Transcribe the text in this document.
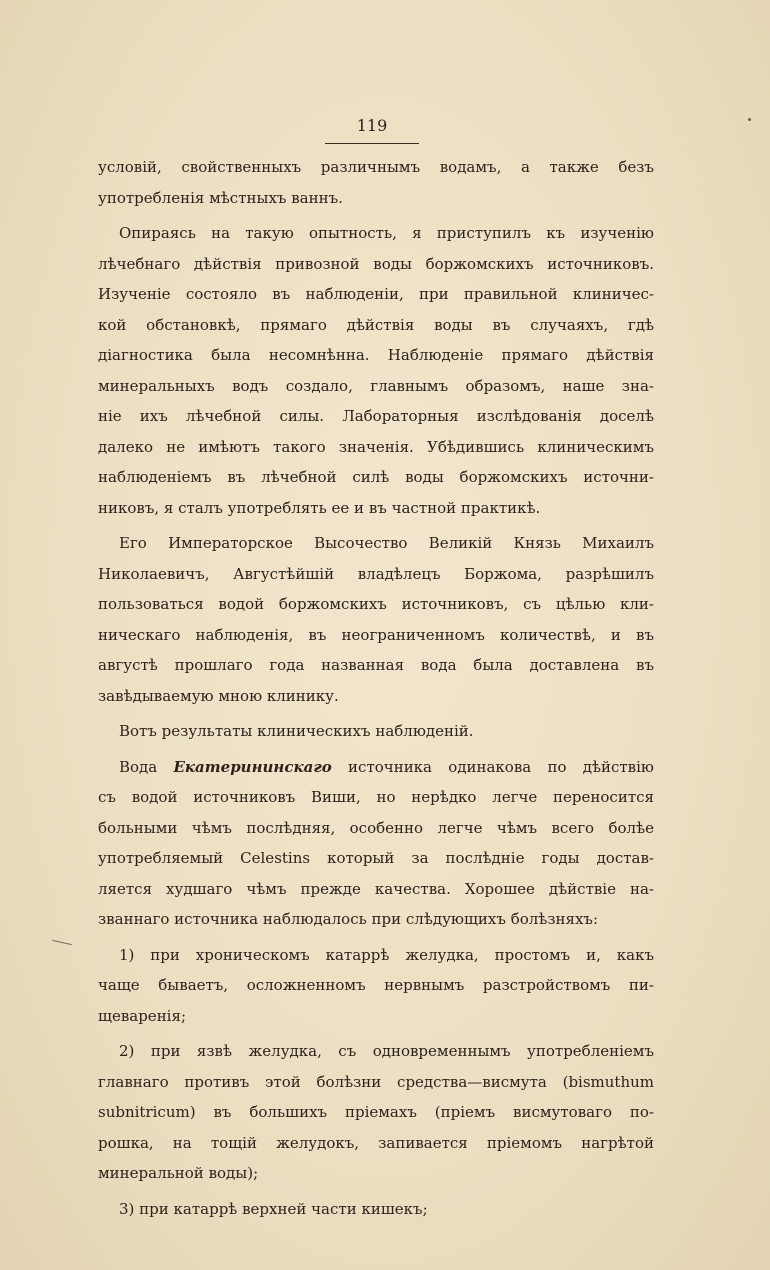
119
условій, свойственныхъ различнымъ водамъ, а также безъ
употребленія мѣстныхъ ваннъ.
Опираясь на такую опытность, я приступилъ къ изученію
лѣчебнаго дѣйствія привозной воды боржомскихъ источниковъ.
Изученіе состояло въ наблюденіи, при правильной клиничес-
кой обстановкѣ, прямаго дѣйствія воды въ случаяхъ, гдѣ
діагностика была несомнѣнна. Наблюденіе прямаго дѣйствія
минеральныхъ водъ создало, главнымъ образомъ, наше зна-
ніе ихъ лѣчебной силы. Лабораторныя изслѣдованія доселѣ
далеко не имѣютъ такого значенія. Убѣдившись клиническимъ
наблюденіемъ въ лѣчебной силѣ воды боржомскихъ источни-
никовъ, я сталъ употреблять ее и въ частной практикѣ.
Его Императорское Высочество Великій Князь Михаилъ
Николаевичъ, Августѣйшій владѣлецъ Боржома, разрѣшилъ
пользоваться водой боржомскихъ источниковъ, съ цѣлью кли-
ническаго наблюденія, въ неограниченномъ количествѣ, и въ
августѣ прошлаго года названная вода была доставлена въ
завѣдываемую мною клинику.
Вотъ результаты клиническихъ наблюденій.
Вода Екатерининскаго источника одинакова по дѣйствію
съ водой источниковъ Виши, но нерѣдко легче переносится
больными чѣмъ послѣдняя, особенно легче чѣмъ всего болѣе
употребляемый Celestins который за послѣдніе годы достав-
ляется худшаго чѣмъ прежде качества. Хорошее дѣйствіе на-
званнаго источника наблюдалось при слѣдующихъ болѣзняхъ:
1) при хроническомъ катаррѣ желудка, простомъ и, какъ
чаще бываетъ, осложненномъ нервнымъ разстройствомъ пи-
щеваренія;
2) при язвѣ желудка, съ одновременнымъ употребленіемъ
главнаго противъ этой болѣзни средства—висмута (bismuthum
subnitricum) въ большихъ пріемахъ (пріемъ висмутоваго по-
рошка, на тощій желудокъ, запивается пріемомъ нагрѣтой
минеральной воды);
3) при катаррѣ верхней части кишекъ;
